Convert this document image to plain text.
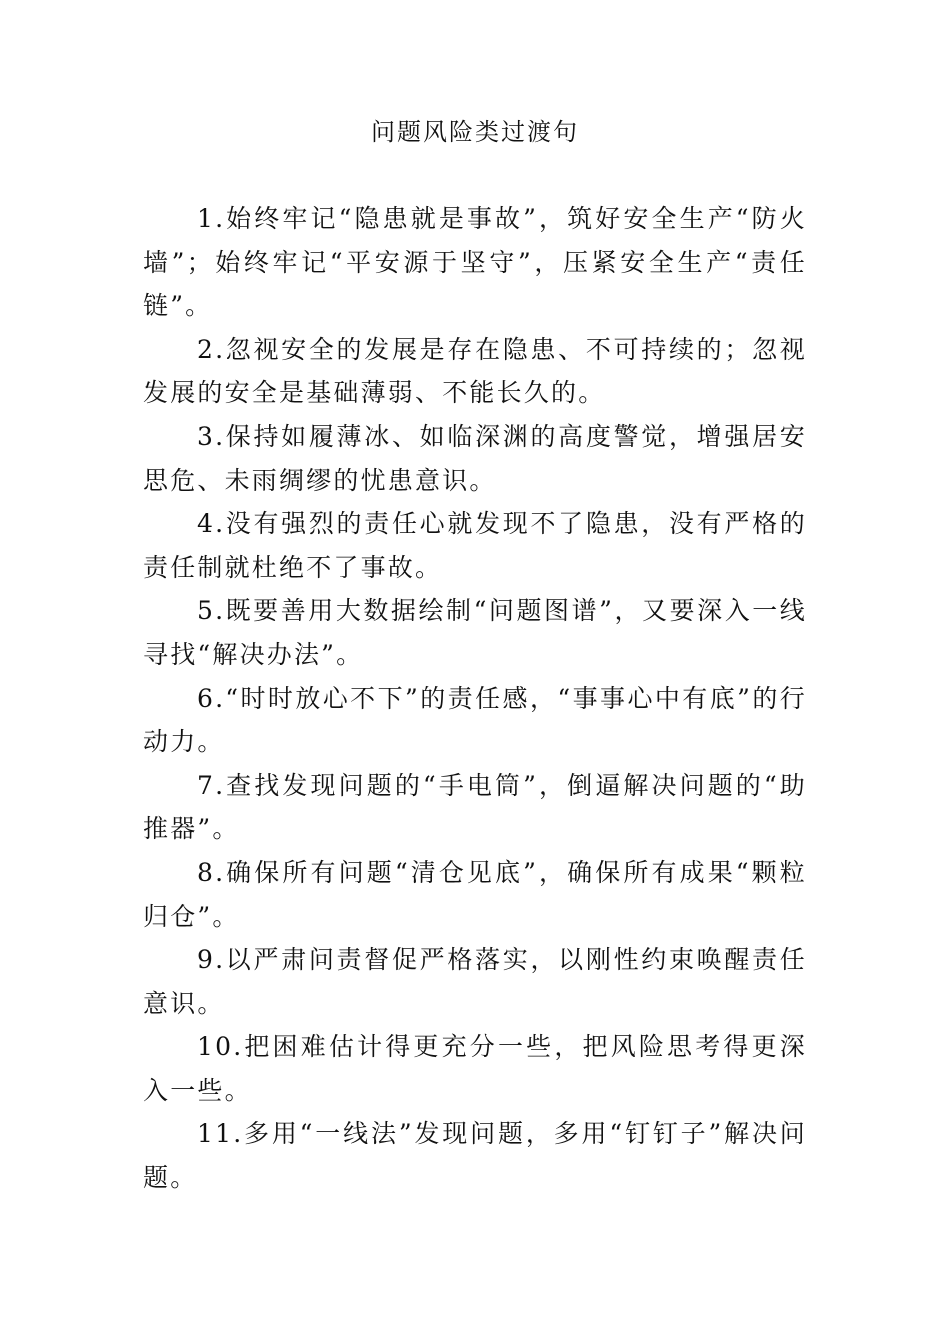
问题风险类过渡句

1.始终牢记“隐患就是事故”，筑好安全生产“防火墙”；始终牢记“平安源于坚守”，压紧安全生产“责任链”。

2.忽视安全的发展是存在隐患、不可持续的；忽视发展的安全是基础薄弱、不能长久的。

3.保持如履薄冰、如临深渊的高度警觉，增强居安思危、未雨绸缪的忧患意识。

4.没有强烈的责任心就发现不了隐患，没有严格的责任制就杜绝不了事故。

5.既要善用大数据绘制“问题图谱”，又要深入一线寻找“解决办法”。

6.“时时放心不下”的责任感，“事事心中有底”的行动力。

7.查找发现问题的“手电筒”，倒逼解决问题的“助推器”。

8.确保所有问题“清仓见底”，确保所有成果“颗粒归仓”。

9.以严肃问责督促严格落实，以刚性约束唤醒责任意识。

10.把困难估计得更充分一些，把风险思考得更深入一些。

11.多用“一线法”发现问题，多用“钉钉子”解决问题。
